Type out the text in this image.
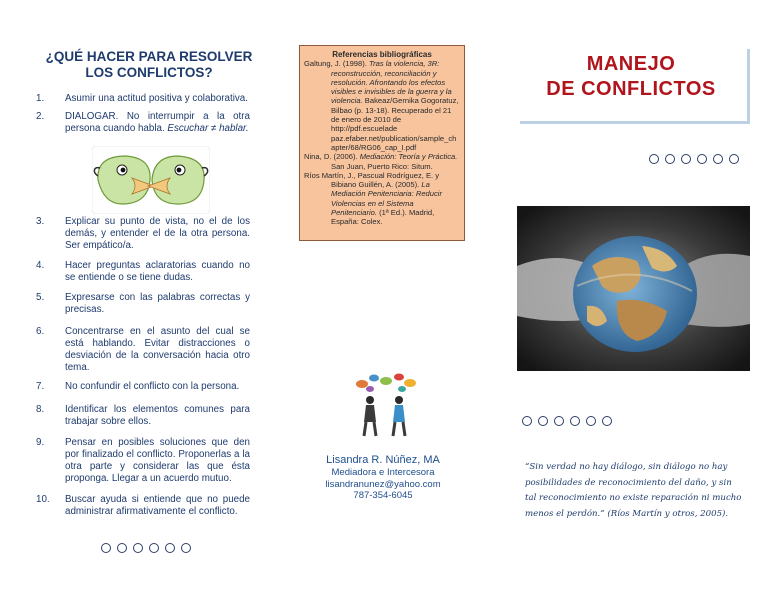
¿QUÉ HACER PARA RESOLVER LOS CONFLICTOS?
1.	Asumir una actitud positiva y colaborativa.
2.	DIALOGAR. No interrumpir a la otra persona cuando habla. Escuchar ≠ hablar.
3.	Explicar su punto de vista, no el de los demás, y entender el de la otra persona. Ser empático/a.
4.	Hacer preguntas aclaratorias cuando no se entiende o se tiene dudas.
5.	Expresarse con las palabras correctas y precisas.
6.	Concentrarse en el asunto del cual se está hablando. Evitar distracciones o desviación de la conversación hacia otro tema.
7.	No confundir el conflicto con la persona.
8.	Identificar los elementos comunes para trabajar sobre ellos.
9.	Pensar en posibles soluciones que den por finalizado el conflicto. Proponerlas a la otra parte y considerar las que ésta proponga. Llegar a un acuerdo mutuo.
10.	Buscar ayuda si entiende que no puede administrar afirmativamente el conflicto.
Referencias bibliográficas
Galtung, J. (1998). Tras la violencia, 3R: reconstrucción, reconciliación y resolución. Afrontando los efectos visibles e invisibles de la guerra y la violencia. Bakeaz/Gernika Gogoratuz, Bilbao (p. 13-18). Recuperado el 21 de enero de 2010 de http://pdf.escuelade paz.efaber.net/publication/sample_ch apter/68/RG06_cap_I.pdf
Nina, D. (2006). Mediación: Teoría y Práctica. San Juan, Puerto Rico: Situm.
Ríos Martín, J., Pascual Rodríguez, E. y Bibiano Guillén, A. (2005). La Mediación Penitenciaria: Reducir Violencias en el Sistema Penitenciario. (1ª Ed.). Madrid, España: Colex.
Lisandra R. Núñez, MA
Mediadora e Intercesora
lisandranunez@yahoo.com
787-354-6045
MANEJO
DE CONFLICTOS
“Sin verdad no hay diálogo, sin diálogo no hay posibilidades de reconocimiento del daño, y sin tal reconocimiento no existe reparación ni mucho menos el perdón.” (Ríos Martín y otros, 2005).
